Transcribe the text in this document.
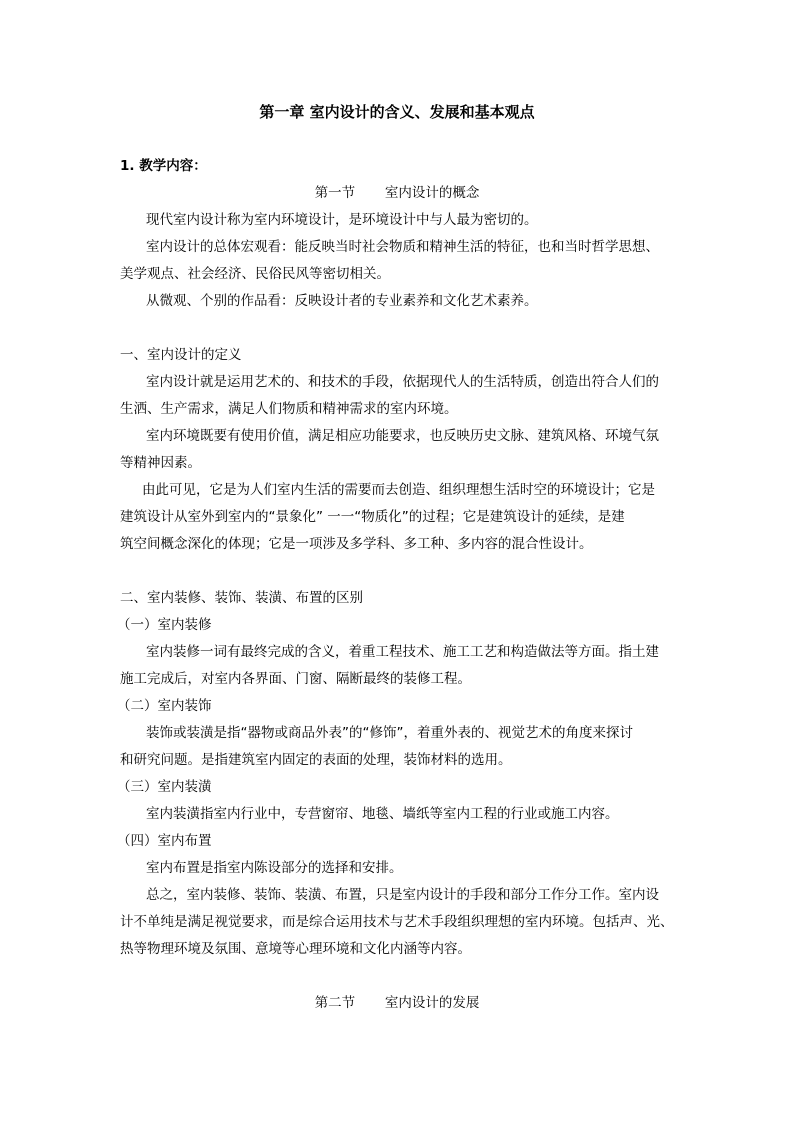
第一章 室内设计的含义、发展和基本观点
1. 教学内容：
第一节 室内设计的概念
现代室内设计称为室内环境设计，是环境设计中与人最为密切的。
室内设计的总体宏观看：能反映当时社会物质和精神生活的特征，也和当时哲学思想、
美学观点、社会经济、民俗民风等密切相关。
从微观、个别的作品看：反映设计者的专业素养和文化艺术素养。
一、室内设计的定义
室内设计就是运用艺术的、和技术的手段，依据现代人的生活特质，创造出符合人们的
生洒、生产需求，满足人们物质和精神需求的室内环境。
室内环境既要有使用价值，满足相应功能要求，也反映历史文脉、建筑风格、环境气氛
等精神因素。
由此可见，它是为人们室内生活的需要而去创造、组织理想生活时空的环境设计；它是
建筑设计从室外到室内的“景象化” 一一“物质化”的过程；它是建筑设计的延续，是建
筑空间概念深化的体现；它是一项涉及多学科、多工种、多内容的混合性设计。
二、室内装修、装饰、装潢、布置的区别
（一）室内装修
室内装修一词有最终完成的含义，着重工程技术、施工工艺和构造做法等方面。指土建
施工完成后，对室内各界面、门窗、隔断最终的装修工程。
（二）室内装饰
装饰或装潢是指“器物或商品外表”的“修饰”，着重外表的、视觉艺术的角度来探讨
和研究问题。是指建筑室内固定的表面的处理，装饰材料的选用。
（三）室内装潢
室内装潢指室内行业中，专营窗帘、地毯、墙纸等室内工程的行业或施工内容。
（四）室内布置
室内布置是指室内陈设部分的选择和安排。
总之，室内装修、装饰、装潢、布置，只是室内设计的手段和部分工作分工作。室内设
计不单纯是满足视觉要求，而是综合运用技术与艺术手段组织理想的室内环境。包括声、光、
热等物理环境及氛围、意境等心理环境和文化内涵等内容。
第二节 室内设计的发展
